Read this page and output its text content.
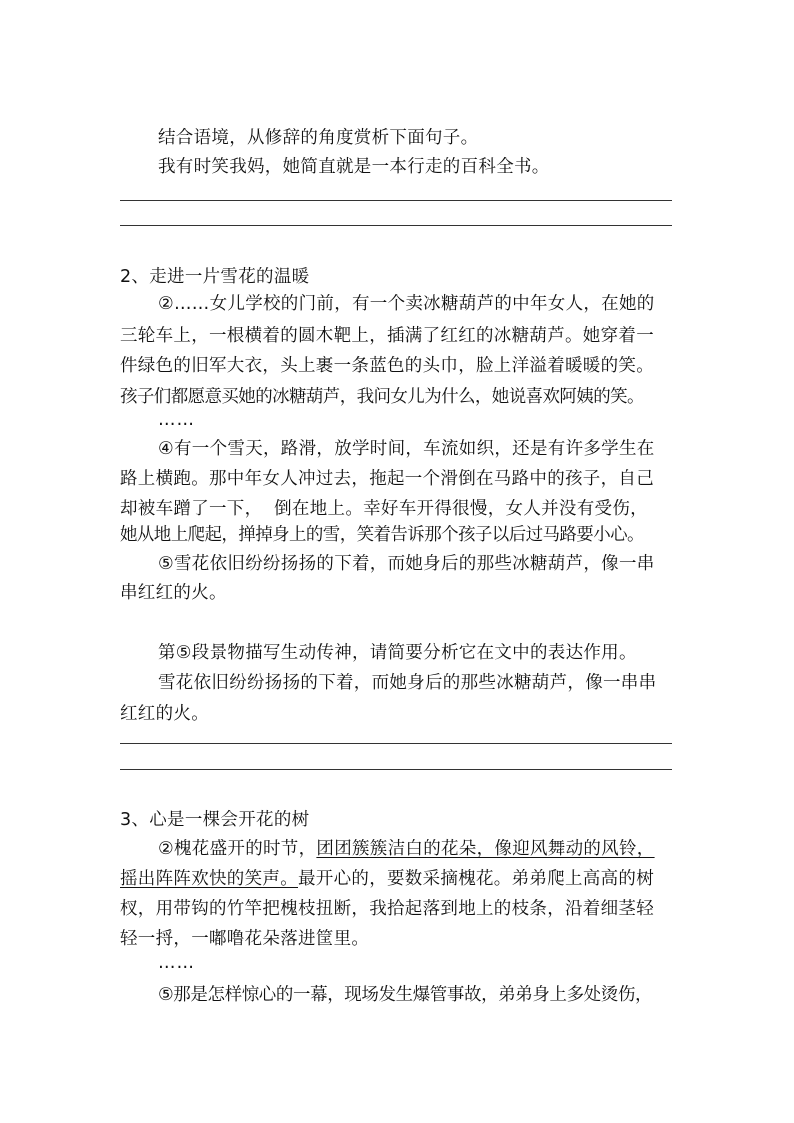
结合语境，从修辞的角度赏析下面句子。
我有时笑我妈，她简直就是一本行走的百科全书。
2、走进一片雪花的温暖
②……女儿学校的门前，有一个卖冰糖葫芦的中年女人，在她的
三轮车上，一根横着的圆木靶上，插满了红红的冰糖葫芦。她穿着一
件绿色的旧军大衣，头上裹一条蓝色的头巾，脸上洋溢着暖暖的笑。
孩子们都愿意买她的冰糖葫芦，我问女儿为什么，她说喜欢阿姨的笑。
……
④有一个雪天，路滑，放学时间，车流如织，还是有许多学生在
路上横跑。那中年女人冲过去，拖起一个滑倒在马路中的孩子，自己
却被车蹭了一下，  倒在地上。幸好车开得很慢，女人并没有受伤，
她从地上爬起，掸掉身上的雪，笑着告诉那个孩子以后过马路要小心。
⑤雪花依旧纷纷扬扬的下着，而她身后的那些冰糖葫芦，像一串
串红红的火。
第⑤段景物描写生动传神，请简要分析它在文中的表达作用。
雪花依旧纷纷扬扬的下着，而她身后的那些冰糖葫芦，像一串串
红红的火。
3、心是一棵会开花的树
②槐花盛开的时节，团团簇簇洁白的花朵，像迎风舞动的风铃，
摇出阵阵欢快的笑声。最开心的，要数采摘槐花。弟弟爬上高高的树
杈，用带钩的竹竿把槐枝扭断，我拾起落到地上的枝条，沿着细茎轻
轻一捋，一嘟噜花朵落进筐里。
……
⑤那是怎样惊心的一幕，现场发生爆管事故，弟弟身上多处烫伤，
